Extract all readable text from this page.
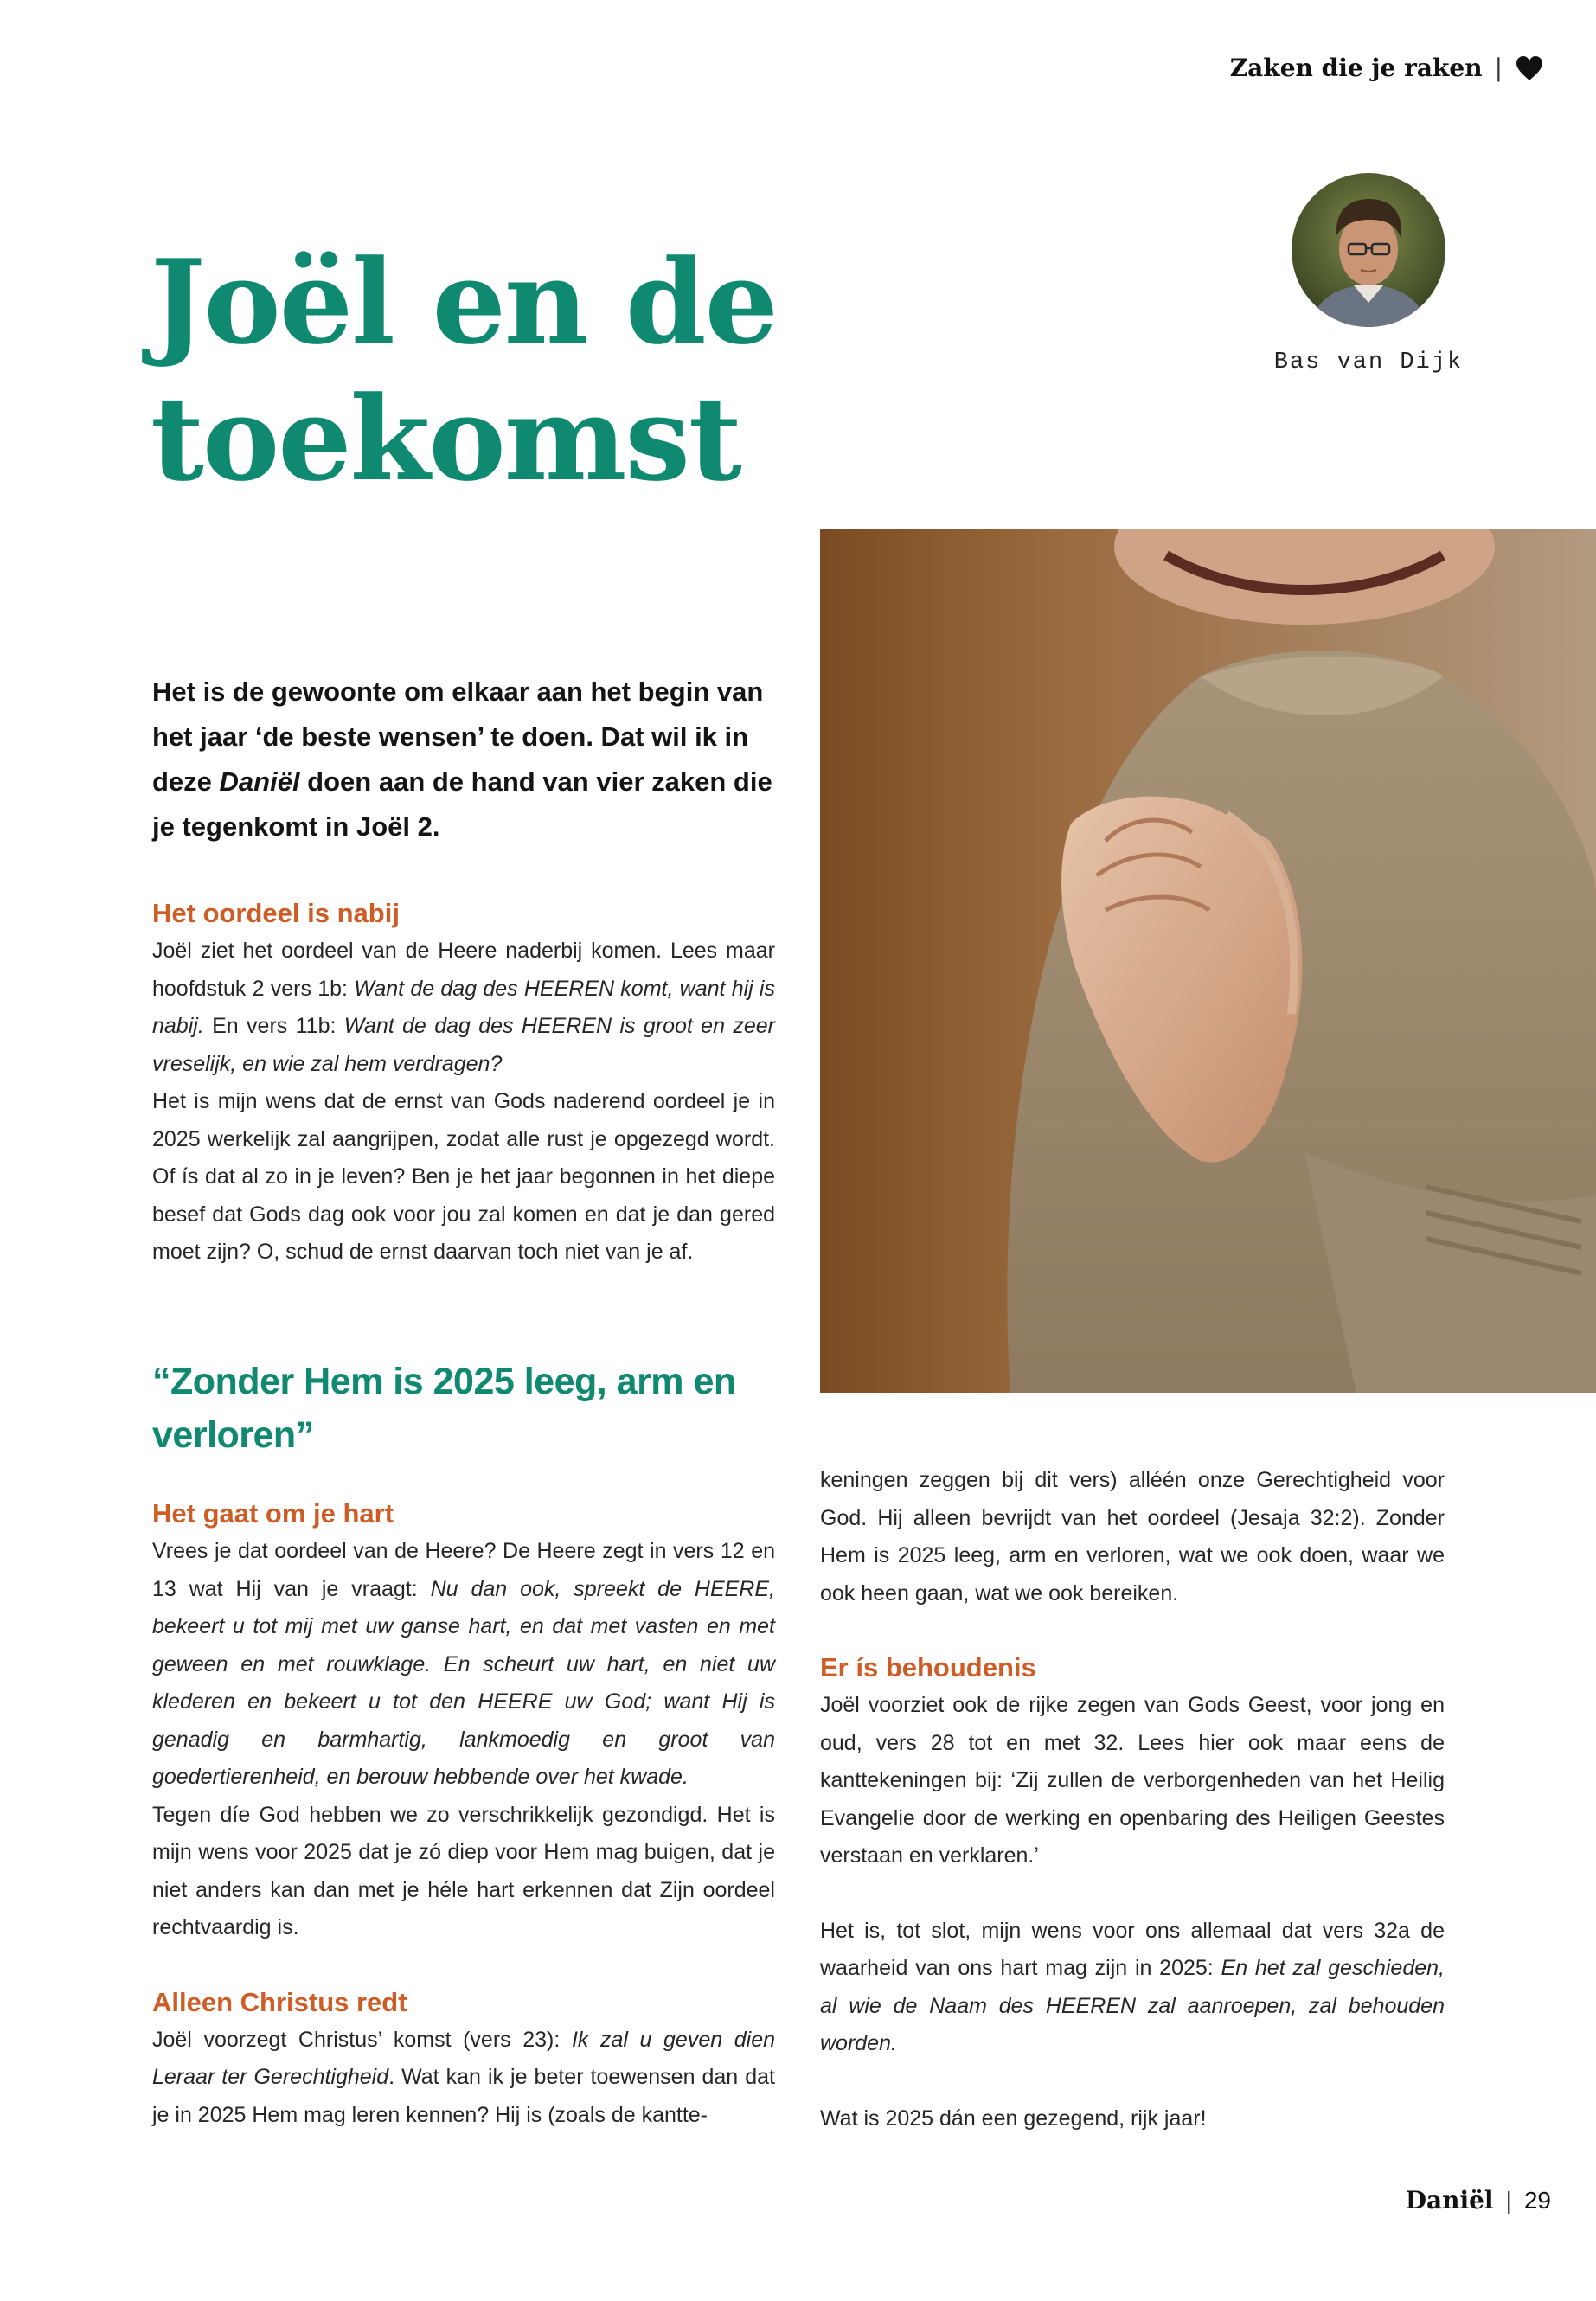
Zaken die je raken |
Joël en de toekomst
Bas van Dijk

Het is de gewoonte om elkaar aan het begin van het jaar ‘de beste wensen’ te doen. Dat wil ik in deze Daniël doen aan de hand van vier zaken die je tegenkomt in Joël 2.

Het oordeel is nabij

Joël ziet het oordeel van de Heere naderbij komen. Lees maar hoofdstuk 2 vers 1b: Want de dag des HEEREN komt, want hij is nabij. En vers 11b: Want de dag des HEEREN is groot en zeer vreselijk, en wie zal hem verdragen?

Het is mijn wens dat de ernst van Gods naderend oordeel je in 2025 werkelijk zal aangrijpen, zodat alle rust je opgezegd wordt. Of ís dat al zo in je leven? Ben je het jaar begonnen in het diepe besef dat Gods dag ook voor jou zal komen en dat je dan gered moet zijn? O, schud de ernst daarvan toch niet van je af.

“Zonder Hem is 2025 leeg, arm en verloren”

Het gaat om je hart

Vrees je dat oordeel van de Heere? De Heere zegt in vers 12 en 13 wat Hij van je vraagt: Nu dan ook, spreekt de HEERE, bekeert u tot mij met uw ganse hart, en dat met vasten en met geween en met rouwklage. En scheurt uw hart, en niet uw klederen en bekeert u tot den HEERE uw God; want Hij is genadig en barmhartig, lankmoedig en groot van goedertierenheid, en berouw hebbende over het kwade.

Tegen díe God hebben we zo verschrikkelijk gezondigd. Het is mijn wens voor 2025 dat je zó diep voor Hem mag buigen, dat je niet anders kan dan met je héle hart erkennen dat Zijn oordeel rechtvaardig is.

Alleen Christus redt

Joël voorzegt Christus’ komst (vers 23): Ik zal u geven dien Leraar ter Gerechtigheid. Wat kan ik je beter toewensen dan dat je in 2025 Hem mag leren kennen? Hij is (zoals de kantte-

keningen zeggen bij dit vers) alléén onze Gerechtigheid voor God. Hij alleen bevrijdt van het oordeel (Jesaja 32:2). Zonder Hem is 2025 leeg, arm en verloren, wat we ook doen, waar we ook heen gaan, wat we ook bereiken.

Er ís behoudenis

Joël voorziet ook de rijke zegen van Gods Geest, voor jong en oud, vers 28 tot en met 32. Lees hier ook maar eens de kanttekeningen bij: ‘Zij zullen de verborgenheden van het Heilig Evangelie door de werking en openbaring des Heiligen Geestes verstaan en verklaren.’

Het is, tot slot, mijn wens voor ons allemaal dat vers 32a de waarheid van ons hart mag zijn in 2025: En het zal geschieden, al wie de Naam des HEEREN zal aanroepen, zal behouden worden.

Wat is 2025 dán een gezegend, rijk jaar!

Daniël | 29
